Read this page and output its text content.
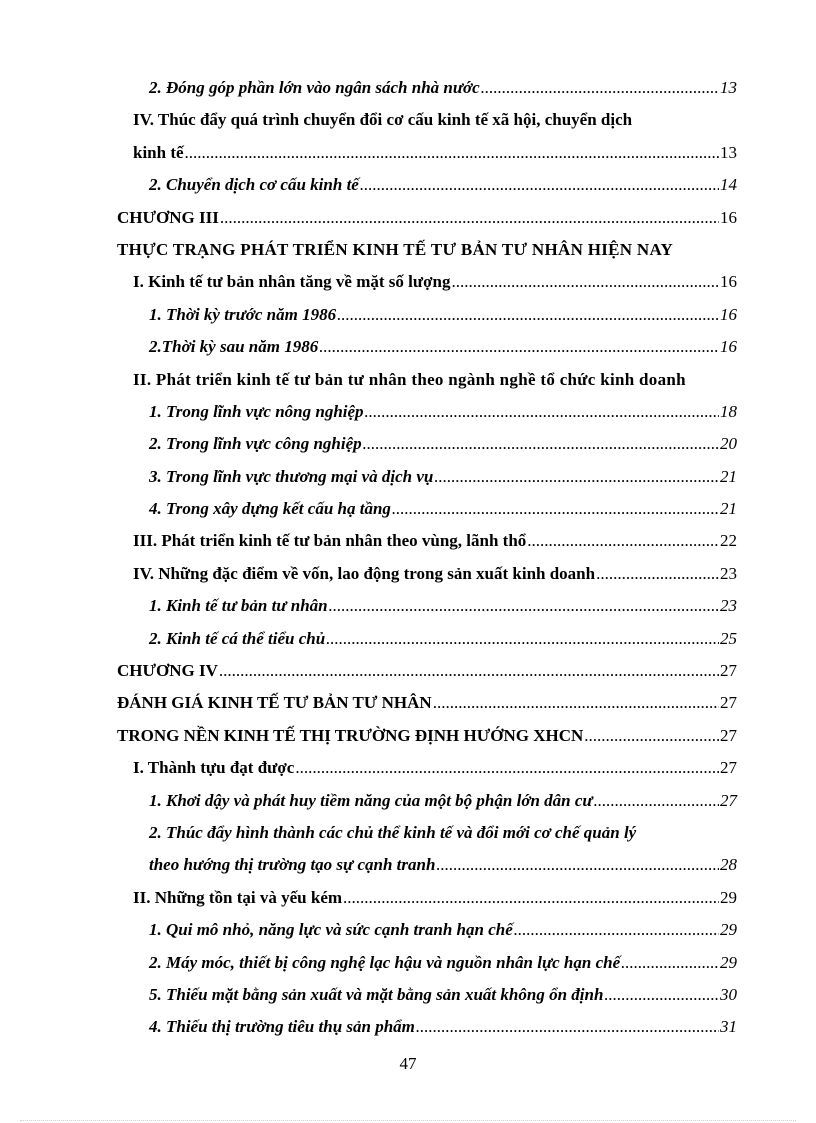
2. Đóng góp phần lớn vào ngân sách nhà nước .....	13
IV. Thúc đẩy quá trình chuyển đổi cơ cấu kinh tế xã hội, chuyển dịch
kinh tế .....	13
2. Chuyển dịch cơ cấu kinh tế .....	14
CHƯƠNG III .....	16
THỰC TRẠNG PHÁT TRIỂN KINH TẾ TƯ BẢN TƯ NHÂN HIỆN NAY
I. Kinh tế tư bản nhân tăng về mặt số lượng .....	16
1. Thời kỳ trước năm 1986 .....	16
2.Thời kỳ sau năm 1986 .....	16
II. Phát triển kinh tế tư bản tư nhân theo ngành nghề tổ chức kinh doanh
1. Trong lĩnh vực nông nghiệp .....	18
2. Trong lĩnh vực công nghiệp .....	20
3. Trong lĩnh vực thương mại và dịch vụ .....	21
4. Trong xây dựng kết cấu hạ tầng .....	21
III. Phát triển kinh tế tư bản nhân theo vùng, lãnh thổ .....	22
IV. Những đặc điểm về vốn, lao động trong sản xuất kinh doanh .....	23
1. Kinh tế tư bản tư nhân .....	23
2. Kinh tế cá thể tiểu chủ .....	25
CHƯƠNG IV .....	27
ĐÁNH GIÁ KINH TẾ TƯ BẢN TƯ NHÂN .....	27
TRONG NỀN KINH TẾ THỊ TRƯỜNG ĐỊNH HƯỚNG XHCN .....	27
I. Thành tựu đạt được .....	27
1. Khơi dậy và phát huy tiềm năng của một bộ phận lớn dân cư .....	27
2. Thúc đẩy hình thành các chủ thể kinh tế và đổi mới cơ chế quản lý
theo hướng thị trường tạo sự cạnh tranh .....	28
II. Những tồn tại và yếu kém .....	29
1. Qui mô nhỏ, năng lực và sức cạnh tranh hạn chế .....	29
2. Máy móc, thiết bị công nghệ lạc hậu và nguồn nhân lực hạn chế .....	29
5. Thiếu mặt bằng sản xuất và mặt bằng sản xuất không ổn định .....	30
4. Thiếu thị trường tiêu thụ sản phẩm .....	31
47
